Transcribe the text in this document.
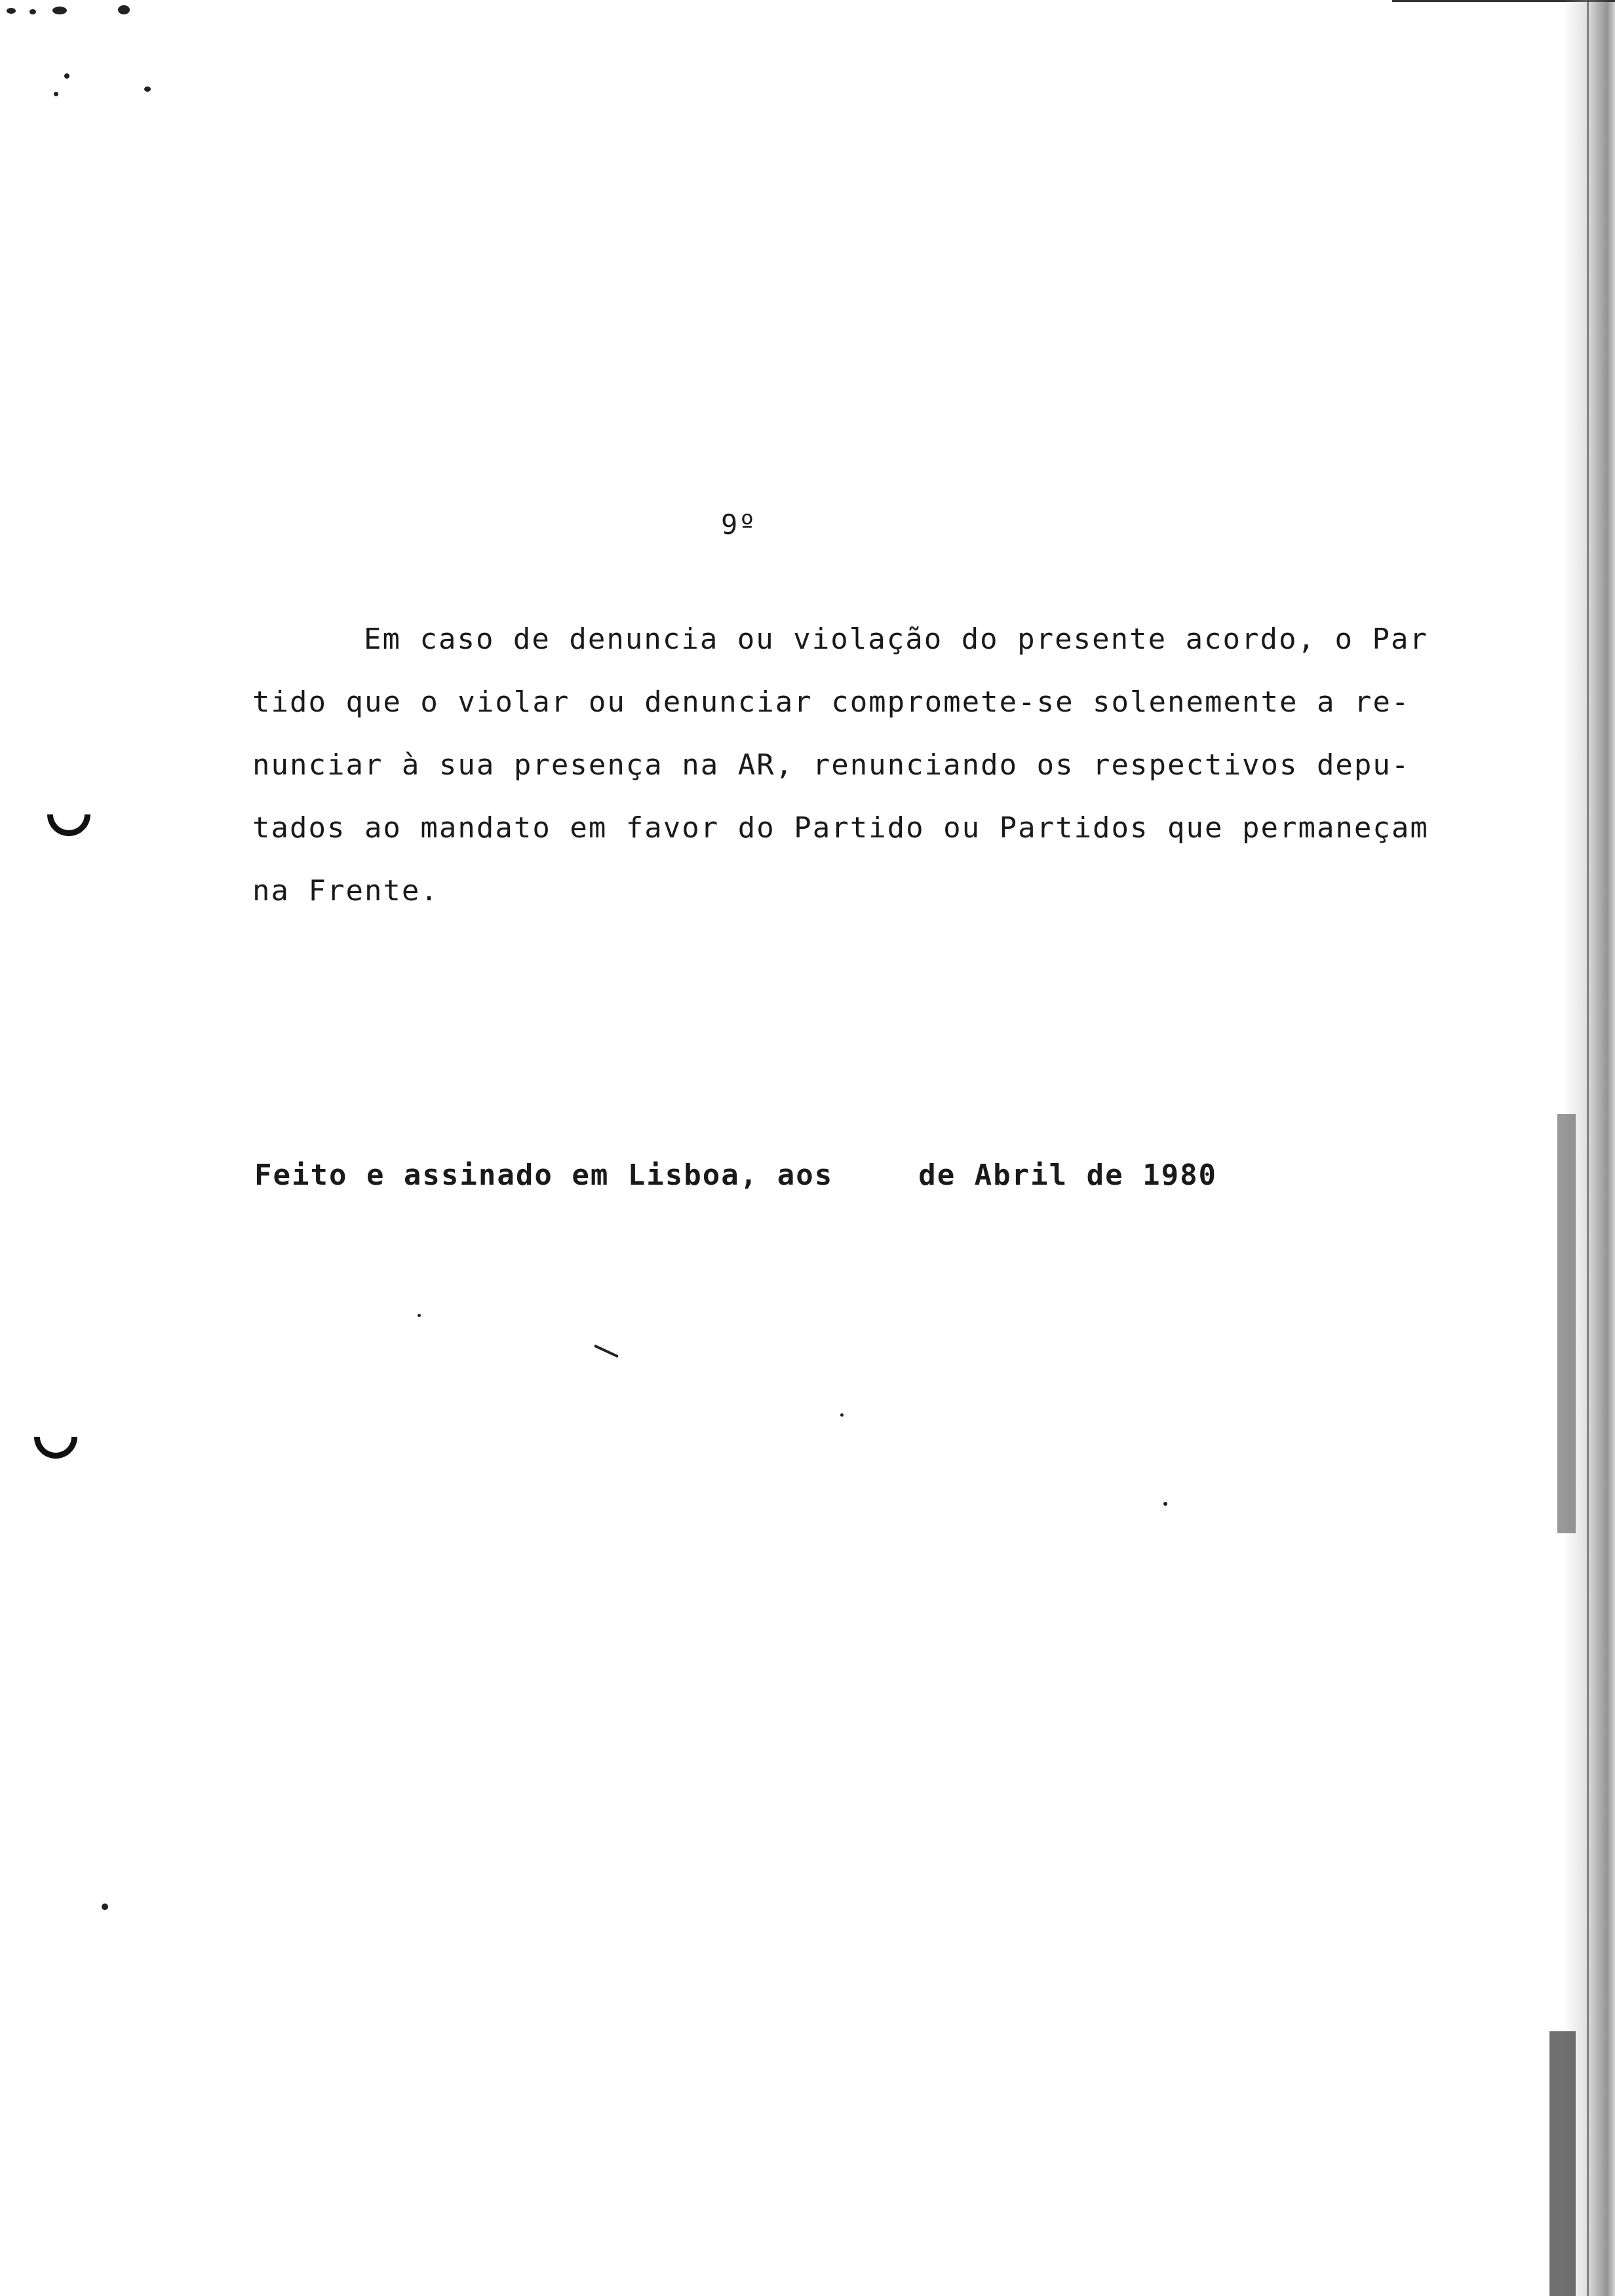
9º
Em caso de denuncia ou violação do presente acordo, o Par
tido que o violar ou denunciar compromete-se solenemente a re-
nunciar à sua presença na AR, renunciando os respectivos depu-
tados ao mandato em favor do Partido ou Partidos que permaneçam
na Frente.
Feito e assinado em Lisboa, aos	de Abril de 1980
